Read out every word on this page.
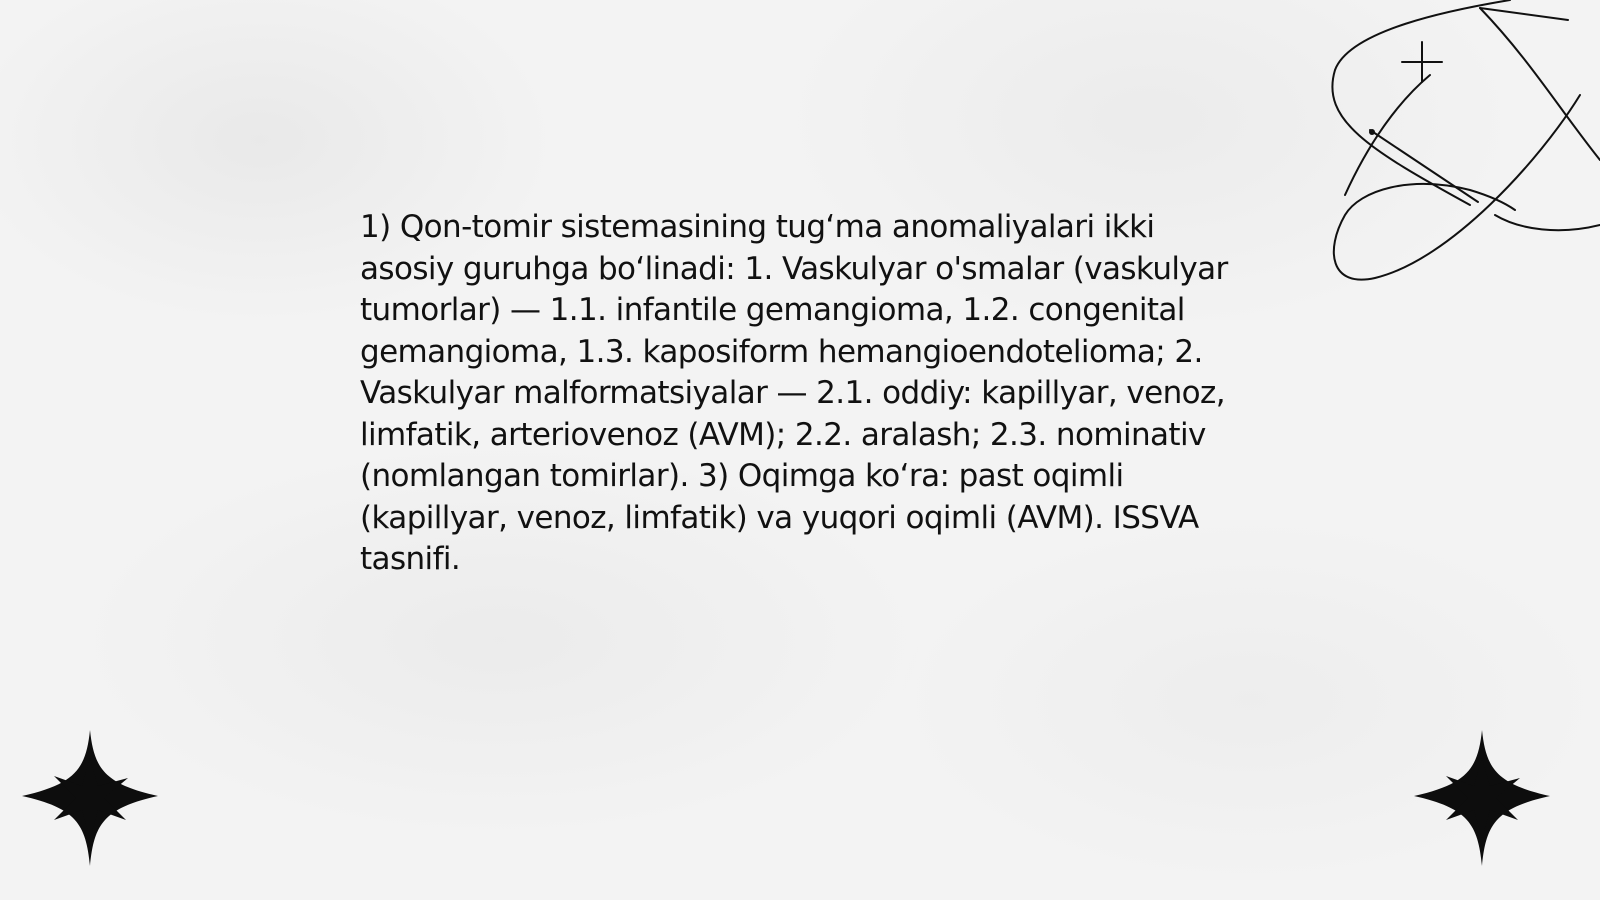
1) Qon-tomir sistemasining tug‘ma anomaliyalari ikki asosiy guruhga bo‘linadi: 1. Vaskulyar o'smalar (vaskulyar tumorlar) — 1.1. infantile gemangioma, 1.2. congenital gemangioma, 1.3. kaposiform hemangioendotelioma; 2. Vaskulyar malformatsiyalar — 2.1. oddiy: kapillyar, venoz, limfatik, arteriovenoz (AVM); 2.2. aralash; 2.3. nominativ (nomlangan tomirlar). 3) Oqimga ko‘ra: past oqimli (kapillyar, venoz, limfatik) va yuqori oqimli (AVM). ISSVA tasnifi.
